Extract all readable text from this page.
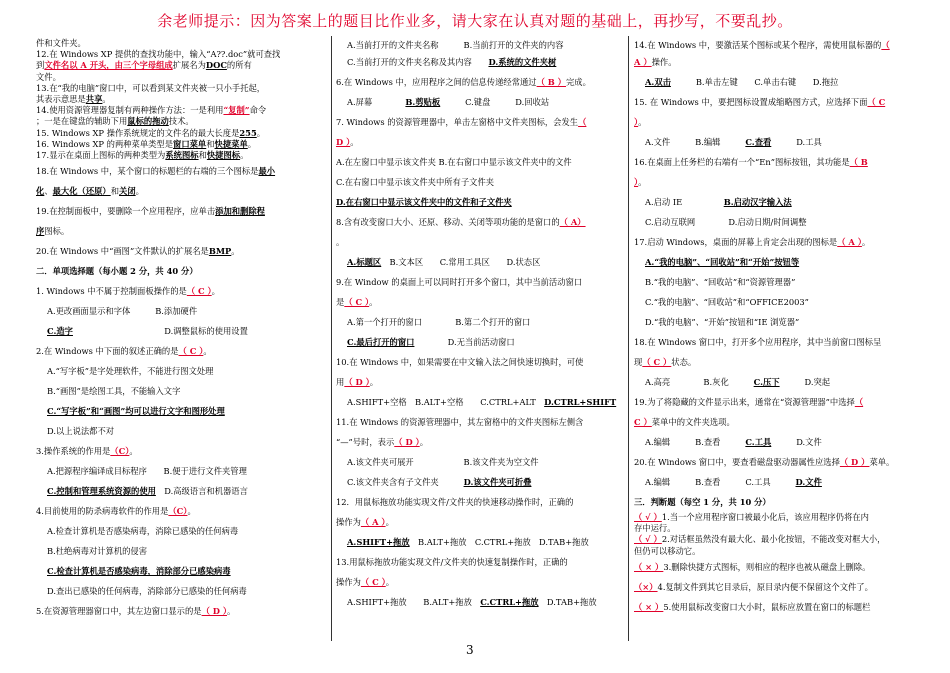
余老师提示：因为答案上的题目比作业多，请大家在认真对题的基础上，再抄写，不要乱抄。
件和文件夹。
12.在 Windows XP 提供的查找功能中，输入“A??.doc”就可查找
到文件名以 A 开头，由三个字母组成扩展名为DOC的所有
文件。
13.在“我的电脑”窗口中，可以看到某文件夹被一只小手托起，
其表示意思是共享。
14.使用资源管理器复制有两种操作方法：一是利用“复制”命令
；一是在键盘的辅助下用鼠标的拖动技术。
15. Windows XP 操作系统规定的文件名的最大长度是255。
16. Windows XP 的两种菜单类型是窗口菜单和快捷菜单。
17.显示在桌面上图标的两种类型为系统图标和快捷图标。
18.在 Windows 中，某个窗口的标题栏的右端的三个图标是最小
化、最大化（还原）和关闭。
19.在控制面板中，要删除一个应用程序，应单击添加和删除程
序图标。
20.在 Windows 中“画图”文件默认的扩展名是BMP。
二．单项选择题（每小题 2 分，共 40 分）
1. Windows 中不属于控制面板操作的是（ C ）。
A.更改画面显示和字体　　　B.添加硬件
C.造字　　　　　　　　　　　D.调整鼠标的使用设置
2.在 Windows 中下面的叙述正确的是（ C ）。
A.“写字板”是字处理软件，不能进行图文处理
B.“画图”是绘图工具，不能输入文字
C.“写字板”和“画图”均可以进行文字和图形处理
D.以上说法都不对
3.操作系统的作用是（C）。
A.把源程序编译成目标程序　　B.便于进行文件夹管理
C.控制和管理系统资源的使用　D.高级语言和机器语言
4.目前使用的防杀病毒软件的作用是（C）。
A.检查计算机是否感染病毒，消除已感染的任何病毒
B.杜绝病毒对计算机的侵害
C.检查计算机是否感染病毒，消除部分已感染病毒
D.查出已感染的任何病毒，消除部分已感染的任何病毒
5.在资源管理器窗口中，其左边窗口显示的是（ D ）。
A.当前打开的文件夹名称　　　B.当前打开的文件夹的内容
C.当前打开的文件夹名称及其内容　　D.系统的文件夹树
6.在 Windows 中，应用程序之间的信息传递经常通过（ B ）完成。
A.屏幕　　　　B.剪贴板　　　C.键盘　　　D.回收站
7. Windows 的资源管理器中，单击左窗格中文件夹图标，会发生（
D ）。
A.在左窗口中显示该文件夹 B.在右窗口中显示该文件夹中的文件
C.在右窗口中显示该文件夹中所有子文件夹
D.在右窗口中显示该文件夹中的文件和子文件夹
8.含有改变窗口大小、还原、移动、关闭等项功能的是窗口的（ A）
。
A.标题区　B.文本区　　C.常用工具区　　D.状态区
9.在 Window 的桌面上可以同时打开多个窗口，其中当前活动窗口
是（ C ）。
A.第一个打开的窗口　　　　B.第二个打开的窗口
C.最后打开的窗口　　　　D.无当前活动窗口
10.在 Windows 中，如果需要在中文输入法之间快速切换时，可使
用（ D ）。
A.SHIFT+空格　B.ALT+空格　　C.CTRL+ALT　D.CTRL+SHIFT
11.在 Windows 的资源管理器中，其左窗格中的文件夹图标左侧含
“—”号时，表示（ D ）。
A.该文件夹可展开　　　　　　B.该文件夹为空文件
C.该文件夹含有子文件夹　　　D.该文件夹可折叠
12．用鼠标拖放功能实现文件/文件夹的快速移动操作时，正确的
操作为（ A ）。
A.SHIFT+拖放　B.ALT+拖放　C.CTRL+拖放　D.TAB+拖放
13.用鼠标拖放功能实现文件/文件夹的快速复制操作时，正确的
操作为（ C ）。
A.SHIFT+拖放　　B.ALT+拖放　C.CTRL+拖放　D.TAB+拖放
14.在 Windows 中，要激活某个图标或某个程序，需使用鼠标器的（
A ）操作。
A.双击　　　B.单击左键　　C.单击右键　　D.拖拉
15. 在 Windows 中，要把图标设置成缩略图方式，应选择下面（ C
）。
A.文件　　　B.编辑　　　C.查看　　　D.工具
16.在桌面上任务栏的右端有一个“En”图标按钮，其功能是（ B
）。
A.启动 IE　　　　　B.启动汉字输入法
C.启动互联网　　　　D.启动日期/时间调整
17.启动 Windows，桌面的屏幕上肯定会出现的图标是（ A ）。
A.“我的电脑”、“回收站”和“开始”按钮等
B.“我的电脑”、“回收站”和“资源管理器”
C.“我的电脑”、“回收站”和“OFFICE2003”
D.“我的电脑”、“开始”按钮和“IE 浏览器”
18.在 Windows 窗口中，打开多个应用程序，其中当前窗口图标呈
现（ C ）状态。
A.高亮　　　　B.灰化　　　C.压下　　　D.突起
19.为了将隐藏的文件显示出来，通常在“资源管理器”中选择（
C ）菜单中的文件夹选项。
A.编辑　　　B.查看　　　C.工具　　　D.文件
20.在 Windows 窗口中，要查看磁盘驱动器属性应选择（ D ）菜单。
A.编辑　　　B.查看　　　C.工具　　　D.文件
三．判断题（每空 1 分，共 10 分）
（ √ ）1.当一个应用程序窗口被最小化后，该应用程序仍将在内
存中运行。
（ √ ）2.对话框虽然没有最大化、最小化按钮，不能改变对框大小，
但仍可以移动它。
（ × ）3.删除快捷方式图标，则相应的程序也被从磁盘上删除。
（×）4.复制文件到其它目录后，原目录内便不保留这个文件了。
（ × ）5.使用鼠标改变窗口大小时，鼠标应放置在窗口的标题栏
3
